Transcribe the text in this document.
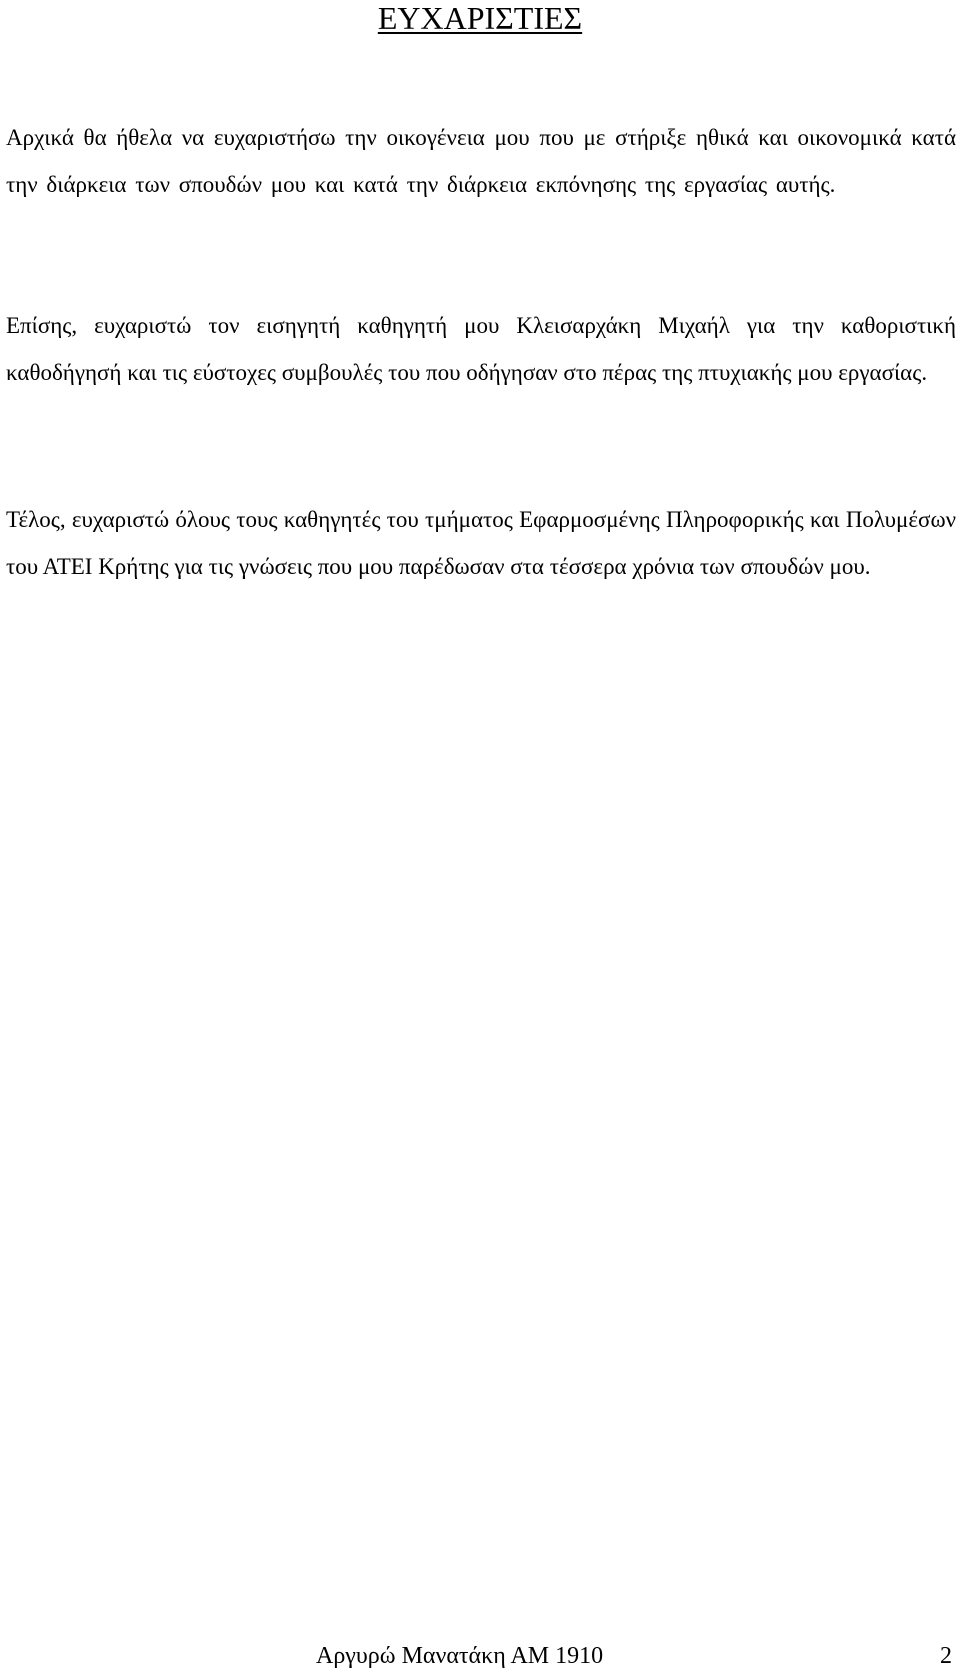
ΕΥΧΑΡΙΣΤΙΕΣ

Αρχικά θα ήθελα να ευχαριστήσω την οικογένεια μου που με στήριξε ηθικά και οικονομικά κατά την διάρκεια των σπουδών μου και κατά την διάρκεια εκπόνησης της εργασίας αυτής.

Επίσης, ευχαριστώ τον εισηγητή καθηγητή μου Κλεισαρχάκη Μιχαήλ για την καθοριστική καθοδήγησή και τις εύστοχες συμβουλές του που οδήγησαν στο πέρας της πτυχιακής μου εργασίας.

Τέλος, ευχαριστώ όλους τους καθηγητές του τμήματος Εφαρμοσμένης Πληροφορικής και Πολυμέσων του ΑΤΕΙ Κρήτης για τις γνώσεις που μου παρέδωσαν στα τέσσερα χρόνια των σπουδών μου.

Αργυρώ Μανατάκη ΑΜ 1910	2
